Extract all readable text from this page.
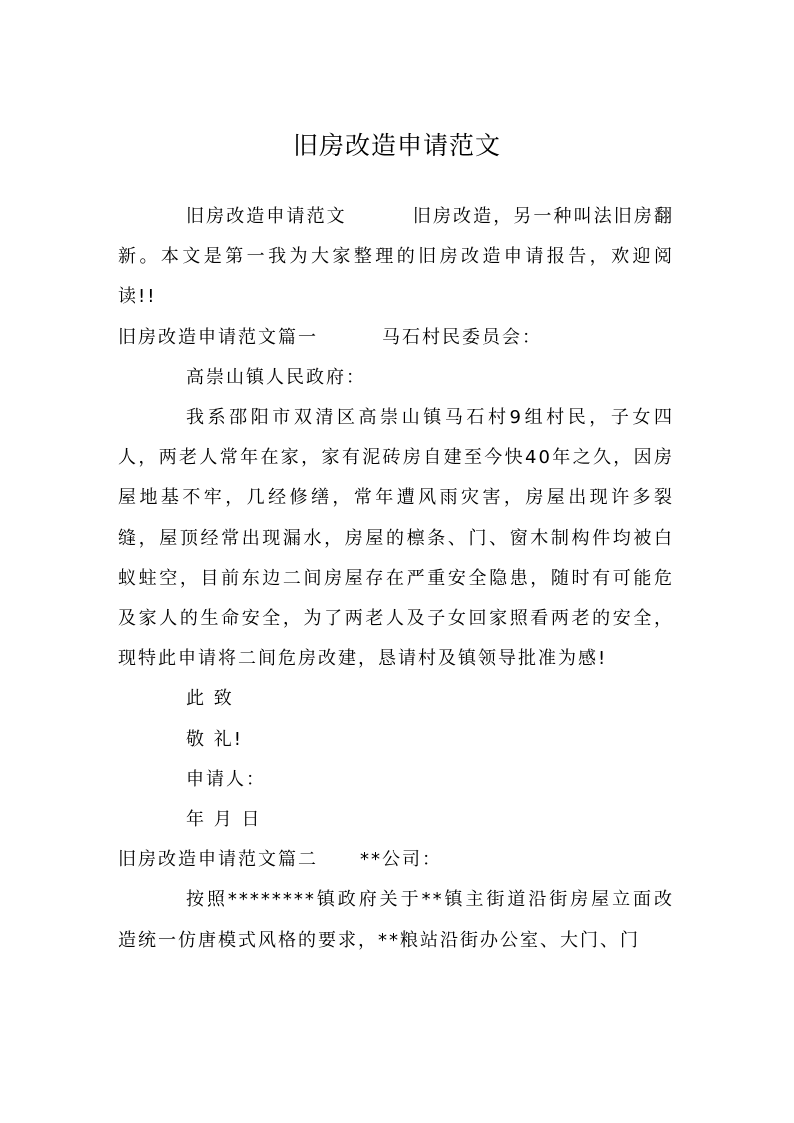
旧房改造申请范文

旧房改造申请范文	旧房改造，另一种叫法旧房翻新。本文是第一我为大家整理的旧房改造申请报告，欢迎阅读!!

旧房改造申请范文篇一	马石村民委员会：

高崇山镇人民政府：

我系邵阳市双清区高崇山镇马石村9组村民，子女四人，两老人常年在家，家有泥砖房自建至今快40年之久，因房屋地基不牢，几经修缮，常年遭风雨灾害，房屋出现许多裂缝，屋顶经常出现漏水，房屋的檩条、门、窗木制构件均被白蚁蛀空，目前东边二间房屋存在严重安全隐患，随时有可能危及家人的生命安全，为了两老人及子女回家照看两老的安全，现特此申请将二间危房改建，恳请村及镇领导批准为感!

此 致

敬 礼!

申请人：

年 月 日

旧房改造申请范文篇二 **公司：

按照********镇政府关于**镇主街道沿街房屋立面改造统一仿唐模式风格的要求，**粮站沿街办公室、大门、门
